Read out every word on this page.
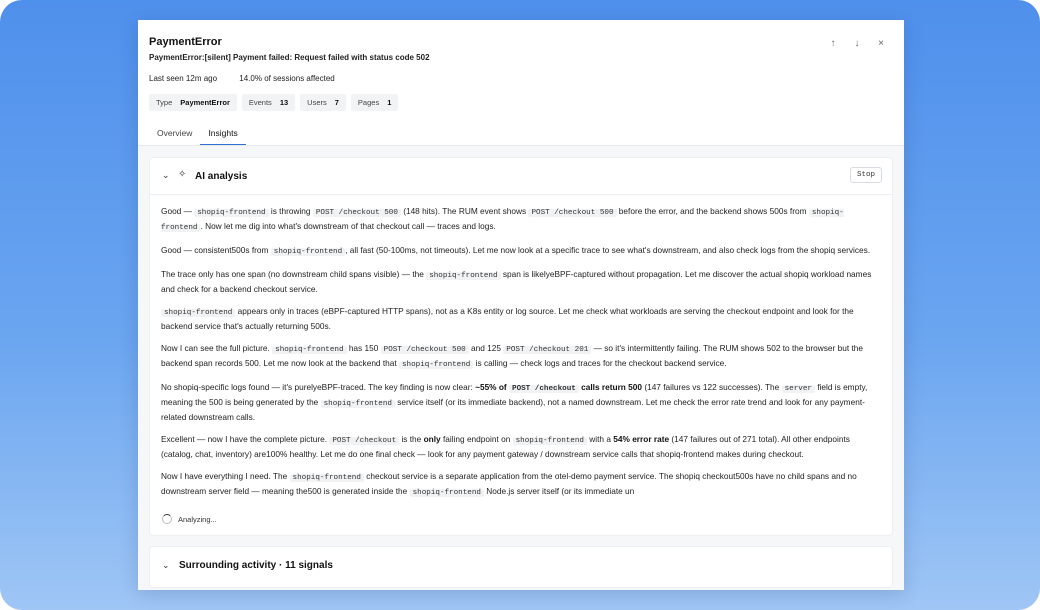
PaymentError
PaymentError:[silent] Payment failed: Request failed with status code 502
Last seen 12m ago	14.0% of sessions affected
↑	↓	×
Type PaymentError	Events 13	Users 7	Pages 1
Overview	Insights
⌄ ✧ AI analysis	Stop

Good — shopiq-frontend is throwing POST /checkout 500 (148 hits). The RUM event shows POST /checkout 500 before the error, and the backend shows 500s from shopiq-frontend . Now let me dig into what's downstream of that checkout call — traces and logs.

Good — consistent500s from shopiq-frontend , all fast (50-100ms, not timeouts). Let me now look at a specific trace to see what's downstream, and also check logs from the shopiq services.

The trace only has one span (no downstream child spans visible) — the shopiq-frontend span is likelyeBPF-captured without propagation. Let me discover the actual shopiq workload names and check for a backend checkout service.

shopiq-frontend appears only in traces (eBPF-captured HTTP spans), not as a K8s entity or log source. Let me check what workloads are serving the checkout endpoint and look for the backend service that's actually returning 500s.

Now I can see the full picture. shopiq-frontend has 150 POST /checkout 500 and 125 POST /checkout 201 — so it's intermittently failing. The RUM shows 502 to the browser but the backend span records 500. Let me now look at the backend that shopiq-frontend is calling — check logs and traces for the checkout backend service.

No shopiq-specific logs found — it's purelyeBPF-traced. The key finding is now clear: ~55% of POST /checkout calls return 500 (147 failures vs 122 successes). The server field is empty, meaning the 500 is being generated by the shopiq-frontend service itself (or its immediate backend), not a named downstream. Let me check the error rate trend and look for any payment-related downstream calls.

Excellent — now I have the complete picture. POST /checkout is the only failing endpoint on shopiq-frontend with a 54% error rate (147 failures out of 271 total). All other endpoints (catalog, chat, inventory) are100% healthy. Let me do one final check — look for any payment gateway / downstream service calls that shopiq-frontend makes during checkout.

Now I have everything I need. The shopiq-frontend checkout service is a separate application from the otel-demo payment service. The shopiq checkout500s have no child spans and no downstream server field — meaning the500 is generated inside the shopiq-frontend Node.js server itself (or its immediate un

Analyzing...
⌄ Surrounding activity · 11 signals
